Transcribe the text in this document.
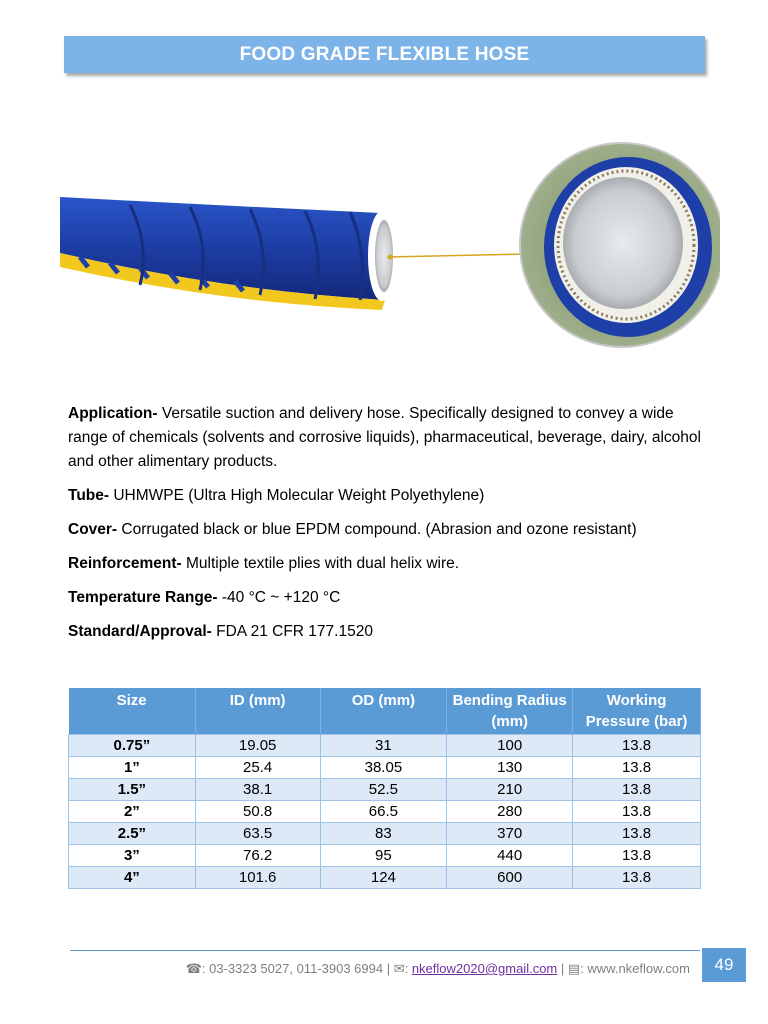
FOOD GRADE FLEXIBLE HOSE

Application- Versatile suction and delivery hose. Specifically designed to convey a wide range of chemicals (solvents and corrosive liquids), pharmaceutical, beverage, dairy, alcohol and other alimentary products.

Tube- UHMWPE (Ultra High Molecular Weight Polyethylene)

Cover- Corrugated black or blue EPDM compound. (Abrasion and ozone resistant)

Reinforcement- Multiple textile plies with dual helix wire.

Temperature Range- -40 °C ~ +120 °C

Standard/Approval- FDA 21 CFR 177.1520

Size	ID (mm)	OD (mm)	Bending Radius (mm)	Working Pressure (bar)
0.75”	19.05	31	100	13.8
1”	25.4	38.05	130	13.8
1.5”	38.1	52.5	210	13.8
2”	50.8	66.5	280	13.8
2.5”	63.5	83	370	13.8
3”	76.2	95	440	13.8
4”	101.6	124	600	13.8
☎: 03-3323 5027, 011-3903 6994 | ✉: nkeflow2020@gmail.com | ▤: www.nkeflow.com	49
